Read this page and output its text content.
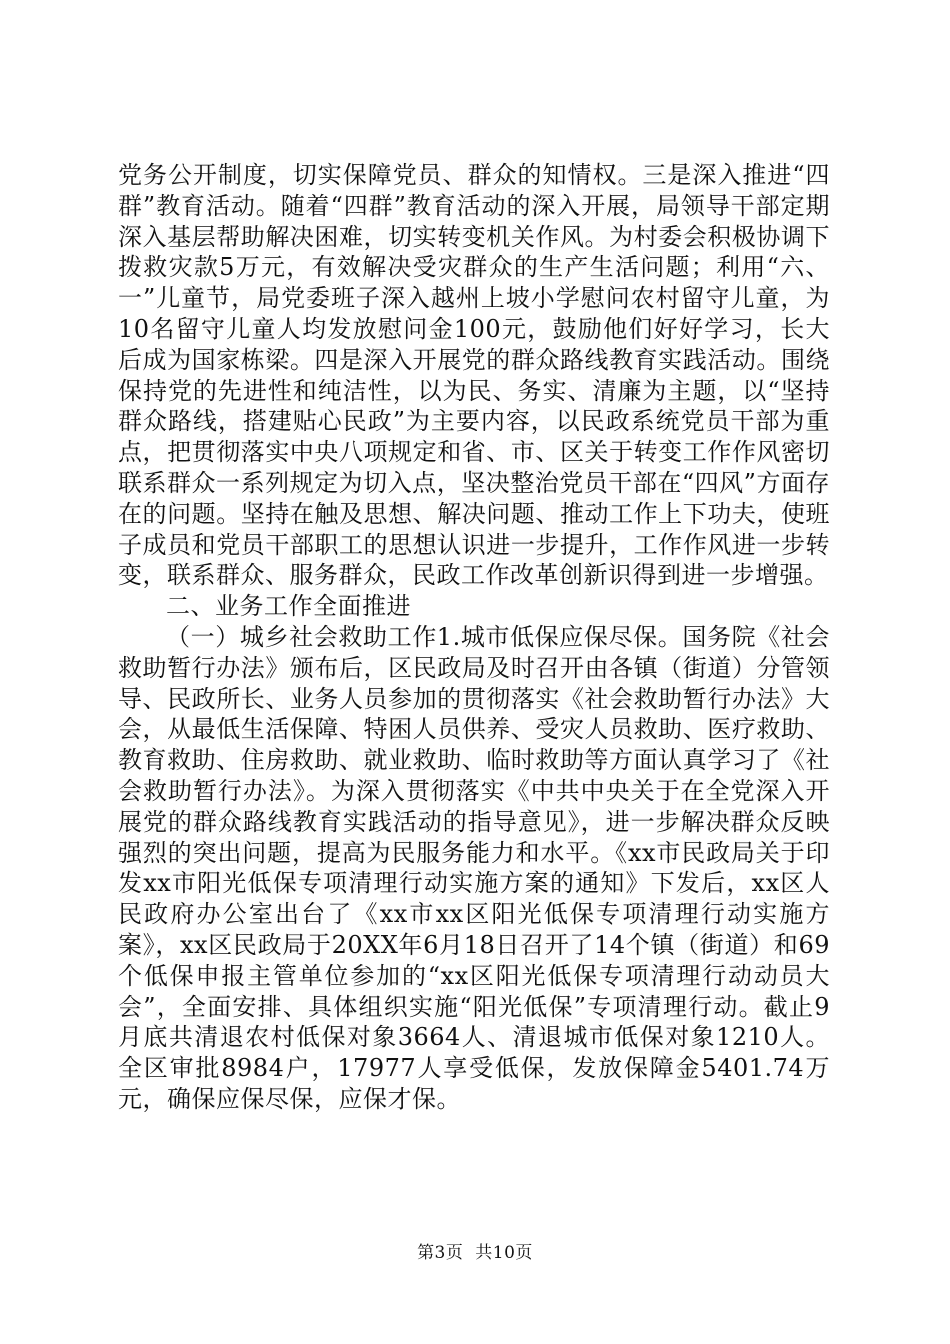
党务公开制度，切实保障党员、群众的知情权。三是深入推进“四群”教育活动。随着“四群”教育活动的深入开展，局领导干部定期深入基层帮助解决困难，切实转变机关作风。为村委会积极协调下拨救灾款5万元，有效解决受灾群众的生产生活问题；利用“六、一”儿童节，局党委班子深入越州上坡小学慰问农村留守儿童，为10名留守儿童人均发放慰问金100元，鼓励他们好好学习，长大后成为国家栋梁。四是深入开展党的群众路线教育实践活动。围绕保持党的先进性和纯洁性，以为民、务实、清廉为主题，以“坚持群众路线，搭建贴心民政”为主要内容，以民政系统党员干部为重点，把贯彻落实中央八项规定和省、市、区关于转变工作作风密切联系群众一系列规定为切入点，坚决整治党员干部在“四风”方面存在的问题。坚持在触及思想、解决问题、推动工作上下功夫，使班子成员和党员干部职工的思想认识进一步提升，工作作风进一步转变，联系群众、服务群众，民政工作改革创新识得到进一步增强。

二、业务工作全面推进

（一）城乡社会救助工作1.城市低保应保尽保。国务院《社会救助暂行办法》颁布后，区民政局及时召开由各镇（街道）分管领导、民政所长、业务人员参加的贯彻落实《社会救助暂行办法》大会，从最低生活保障、特困人员供养、受灾人员救助、医疗救助、教育救助、住房救助、就业救助、临时救助等方面认真学习了《社会救助暂行办法》。为深入贯彻落实《中共中央关于在全党深入开展党的群众路线教育实践活动的指导意见》，进一步解决群众反映强烈的突出问题，提高为民服务能力和水平。《xx市民政局关于印发xx市阳光低保专项清理行动实施方案的通知》下发后，xx区人民政府办公室出台了《xx市xx区阳光低保专项清理行动实施方案》，xx区民政局于20XX年6月18日召开了14个镇（街道）和69个低保申报主管单位参加的“xx区阳光低保专项清理行动动员大会”，全面安排、具体组织实施“阳光低保”专项清理行动。截止9月底共清退农村低保对象3664人、清退城市低保对象1210人。全区审批8984户，17977人享受低保，发放保障金5401.74万元，确保应保尽保，应保才保。

第3页 共10页
